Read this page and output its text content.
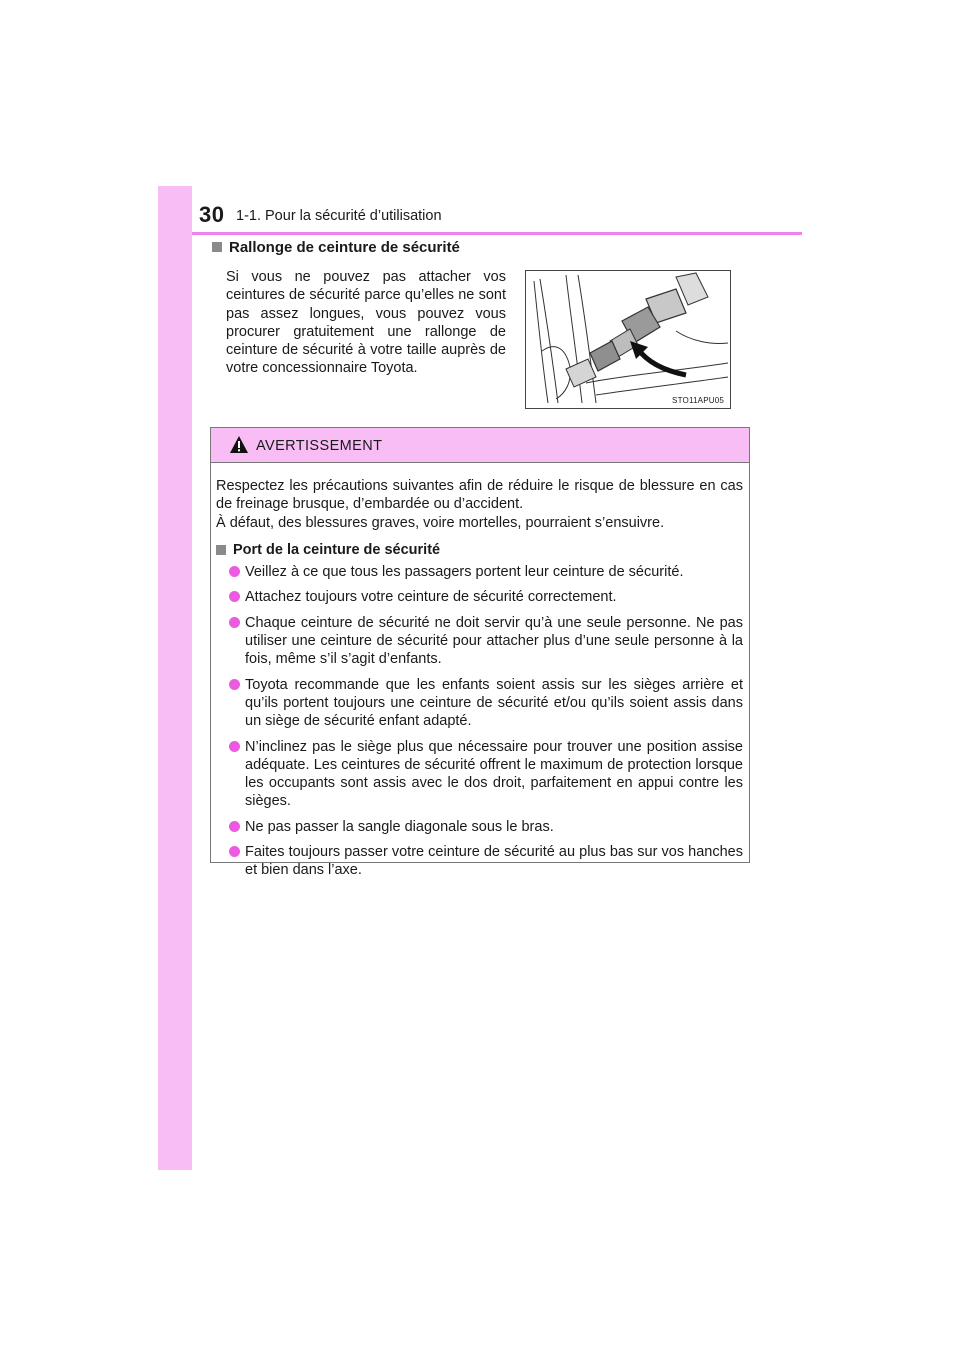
30 1-1. Pour la sécurité d’utilisation
Rallonge de ceinture de sécurité

Si vous ne pouvez pas attacher vos ceintures de sécurité parce qu’elles ne sont pas assez longues, vous pouvez vous procurer gratuitement une rallonge de ceinture de sécurité à votre taille auprès de votre concessionnaire Toyota.

STO11APU05
AVERTISSEMENT

Respectez les précautions suivantes afin de réduire le risque de blessure en cas de freinage brusque, d’embardée ou d’accident.

À défaut, des blessures graves, voire mortelles, pourraient s’ensuivre.

Port de la ceinture de sécurité
Veillez à ce que tous les passagers portent leur ceinture de sécurité.
Attachez toujours votre ceinture de sécurité correctement.
Chaque ceinture de sécurité ne doit servir qu’à une seule personne. Ne pas utiliser une ceinture de sécurité pour attacher plus d’une seule personne à la fois, même s’il s’agit d’enfants.
Toyota recommande que les enfants soient assis sur les sièges arrière et qu’ils portent toujours une ceinture de sécurité et/ou qu’ils soient assis dans un siège de sécurité enfant adapté.
N’inclinez pas le siège plus que nécessaire pour trouver une position assise adéquate. Les ceintures de sécurité offrent le maximum de protection lorsque les occupants sont assis avec le dos droit, parfaitement en appui contre les sièges.
Ne pas passer la sangle diagonale sous le bras.
Faites toujours passer votre ceinture de sécurité au plus bas sur vos hanches et bien dans l’axe.
